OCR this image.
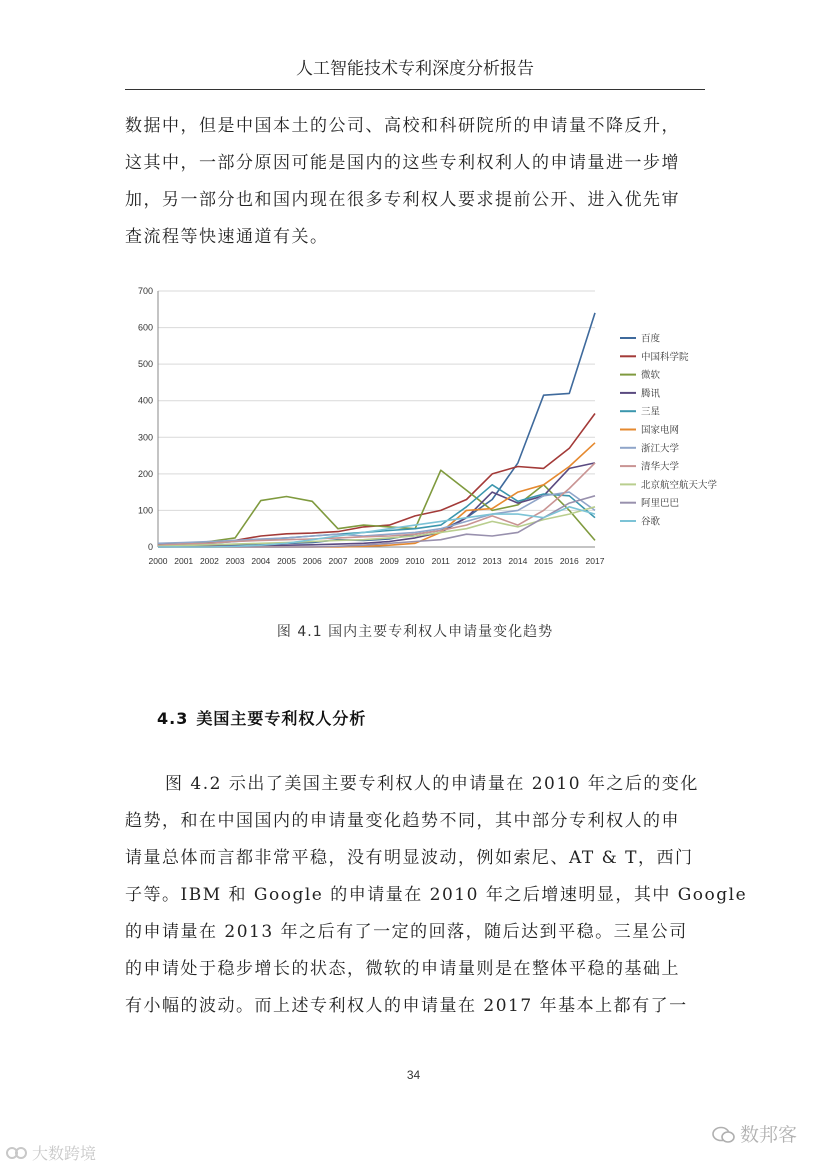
人工智能技术专利深度分析报告
数据中，但是中国本土的公司、高校和科研院所的申请量不降反升，
这其中，一部分原因可能是国内的这些专利权利人的申请量进一步增
加，另一部分也和国内现在很多专利权人要求提前公开、进入优先审
查流程等快速通道有关。
0
100
200
300
400
500
600
700
2000 2001 2002 2003 2004 2005 2006 2007 2008 2009 2010 2011 2012 2013 2014 2015 2016 2017
图 4.1 国内主要专利权人申请量变化趋势
4.3 美国主要专利权人分析
图 4.2 示出了美国主要专利权人的申请量在 2010 年之后的变化
趋势，和在中国国内的申请量变化趋势不同，其中部分专利权人的申
请量总体而言都非常平稳，没有明显波动，例如索尼、AT & T，西门
子等。IBM 和 Google 的申请量在 2010 年之后增速明显，其中 Google
的申请量在 2013 年之后有了一定的回落，随后达到平稳。三星公司
的申请处于稳步增长的状态，微软的申请量则是在整体平稳的基础上
有小幅的波动。而上述专利权人的申请量在 2017 年基本上都有了一
34
大数跨境
数邦客
百度
中国科学院
微软
腾讯
三星
国家电网
浙江大学
清华大学
北京航空航天大学
阿里巴巴
谷歌
